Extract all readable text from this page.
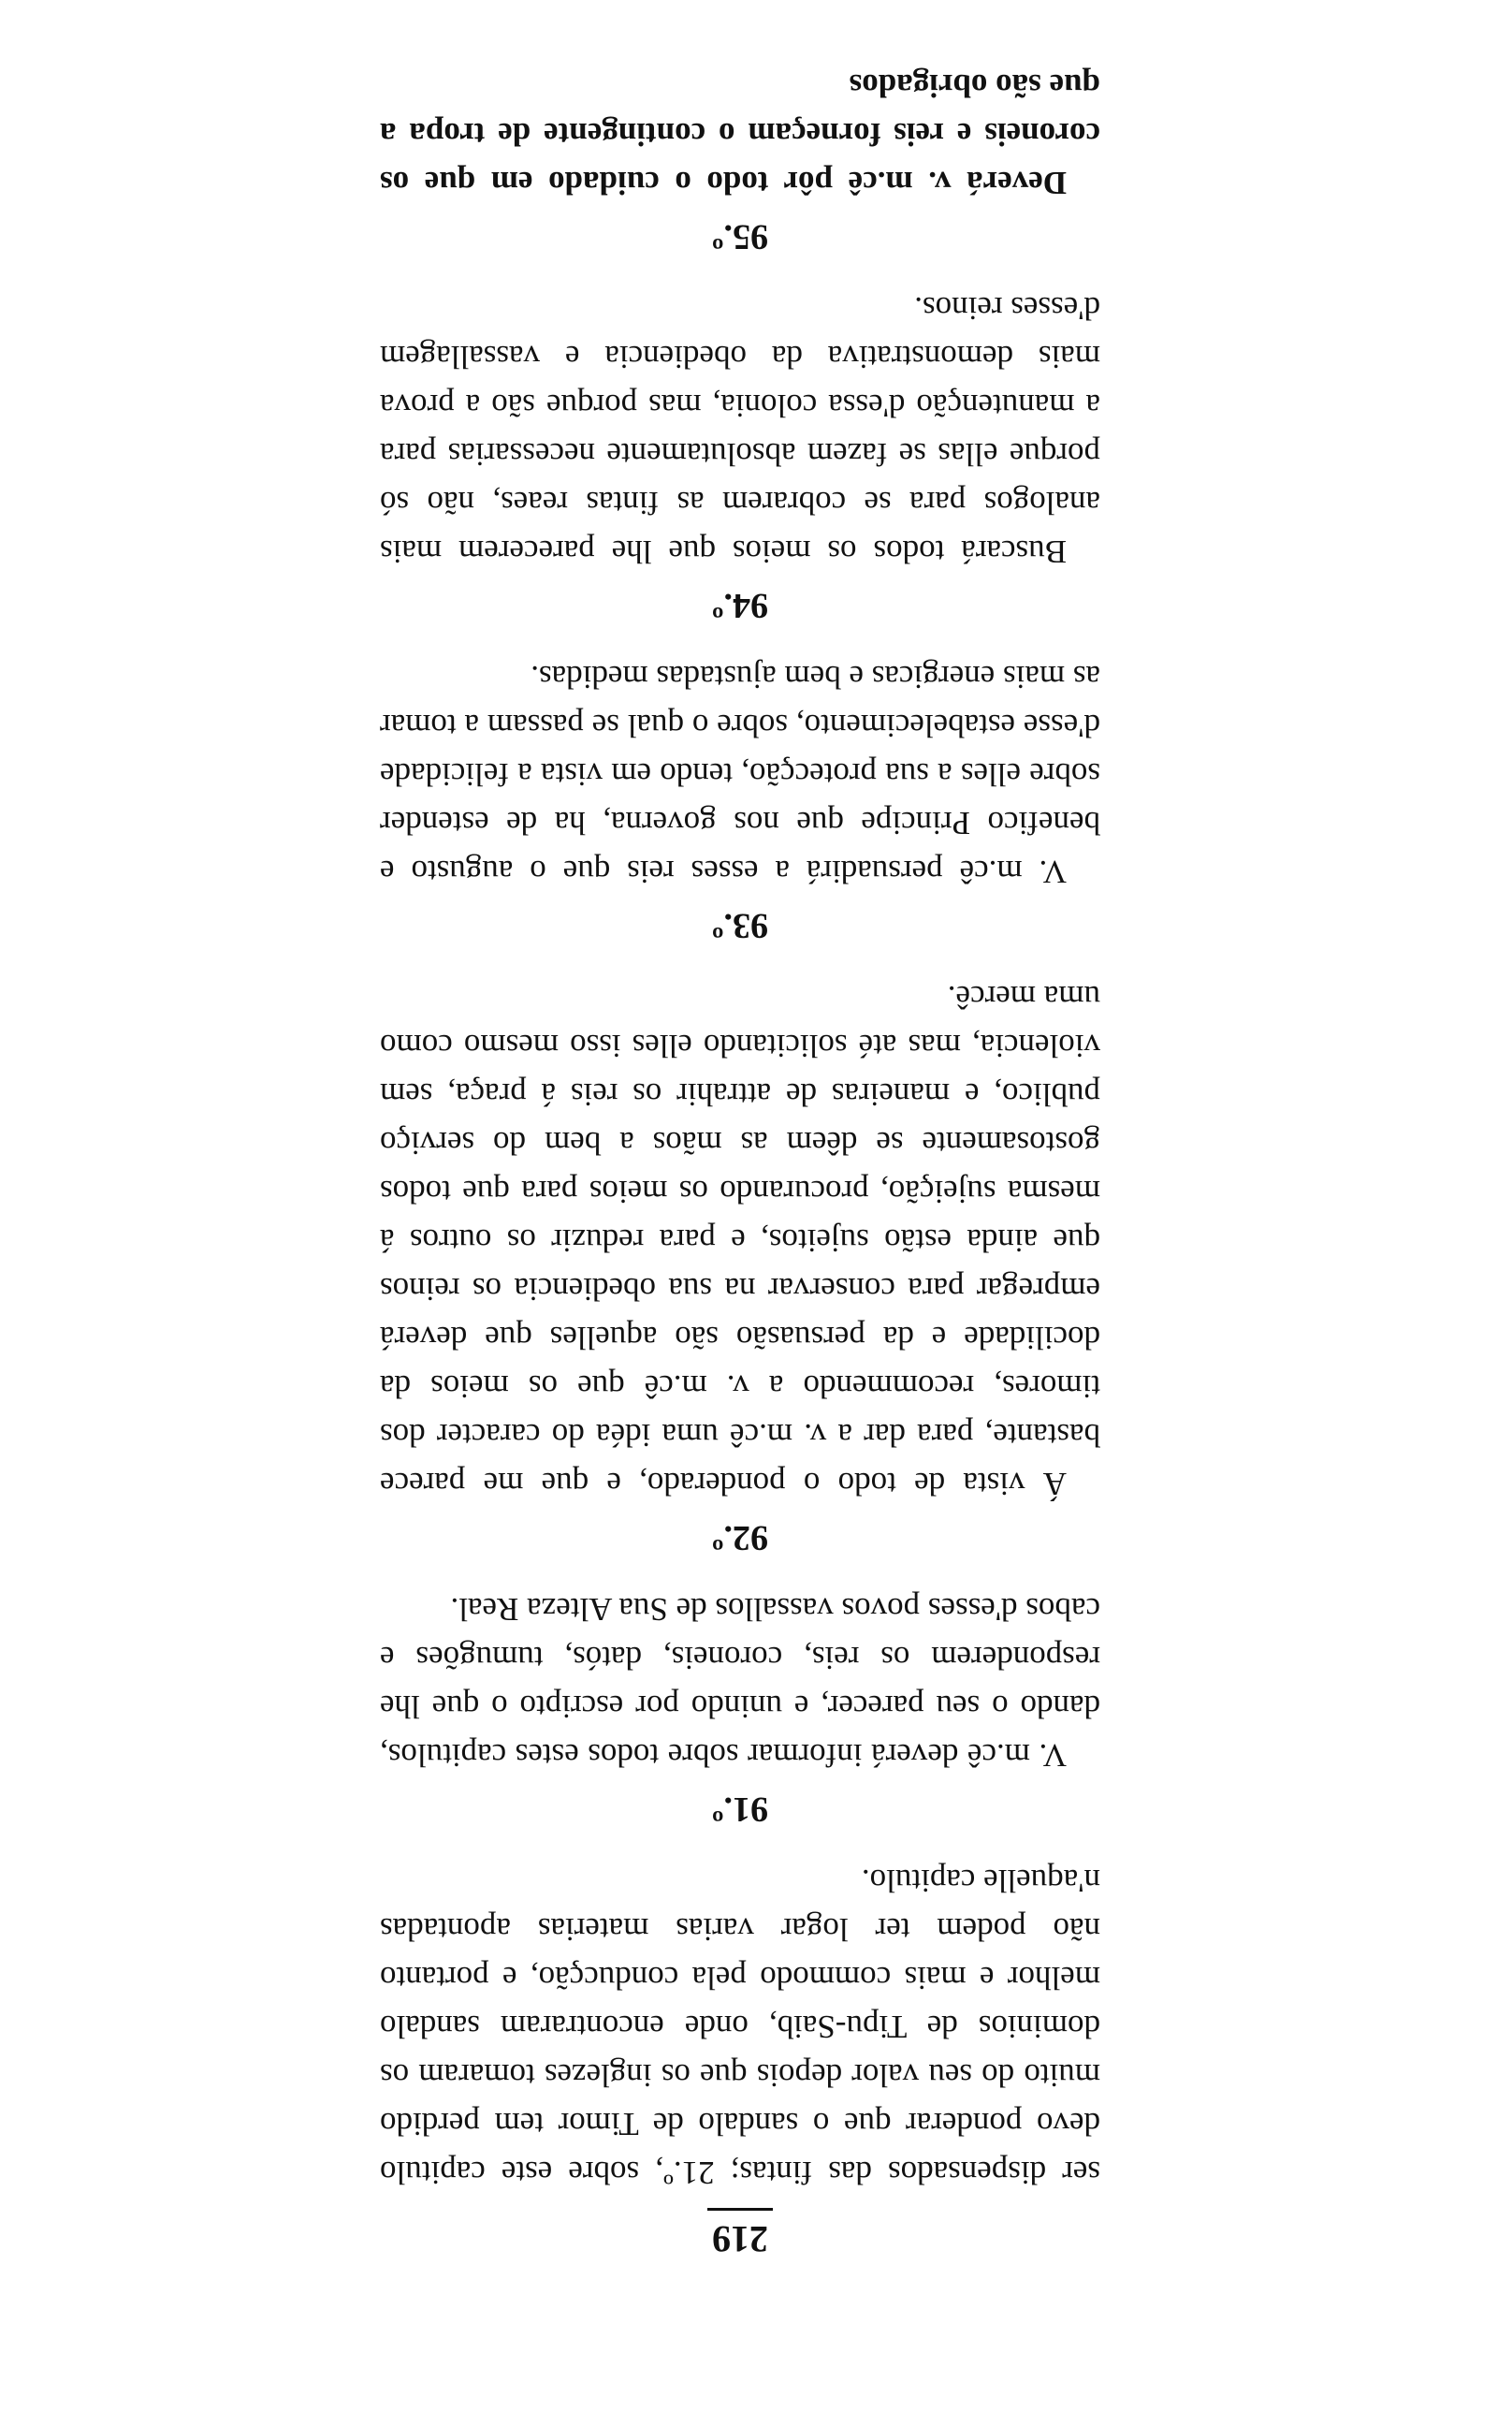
219

ser dispensados das fintas; 21.º, sobre este capitulo devo ponderar que o sandalo de Timor tem perdido muito do seu valor depois que os inglezes tomaram os dominios de Tipu-Saib, onde encontraram sandalo melhor e mais commodo pela conducção, e portanto não podem ter logar varias materias apontadas n'aquelle capitulo.

91.º

V. m.cê deverá informar sobre todos estes capitulos, dando o seu parecer, e unindo por escripto o que lhe responderem os reis, coroneis, datós, tumugões e cabos d'esses povos vassallos de Sua Alteza Real.

92.º

Á vista de todo o ponderado, e que me parece bastante, para dar a v. m.cê uma idéa do caracter dos timores, recommendo a v. m.cê que os meios da docilidade e da persuasão são aquelles que deverá empregar para conservar na sua obediencia os reinos que ainda estão sujeitos, e para reduzir os outros á mesma sujeição, procurando os meios para que todos gostosamente se dêem as mãos a bem do serviço publico, e maneiras de attrahir os reis á praça, sem violencia, mas até solicitando elles isso mesmo como uma mercê.

93.º

V. m.cê persuadirá a esses reis que o augusto e benefico Principe que nos governa, ha de estender sobre elles a sua protecção, tendo em vista a felicidade d'esse estabelecimento, sobre o qual se passam a tomar as mais energicas e bem ajustadas medidas.

94.º

Buscará todos os meios que lhe parecerem mais analogos para se cobrarem as fintas reaes, não só porque ellas se fazem absolutamente necessarias para a manutenção d'essa colonia, mas porque são a prova mais demonstrativa da obediencia e vassallagem d'esses reinos.

95.º

Deverá v. m.cê pôr todo o cuidado em que os coroneis e reis forneçam o contingente de tropa a que são obrigados
